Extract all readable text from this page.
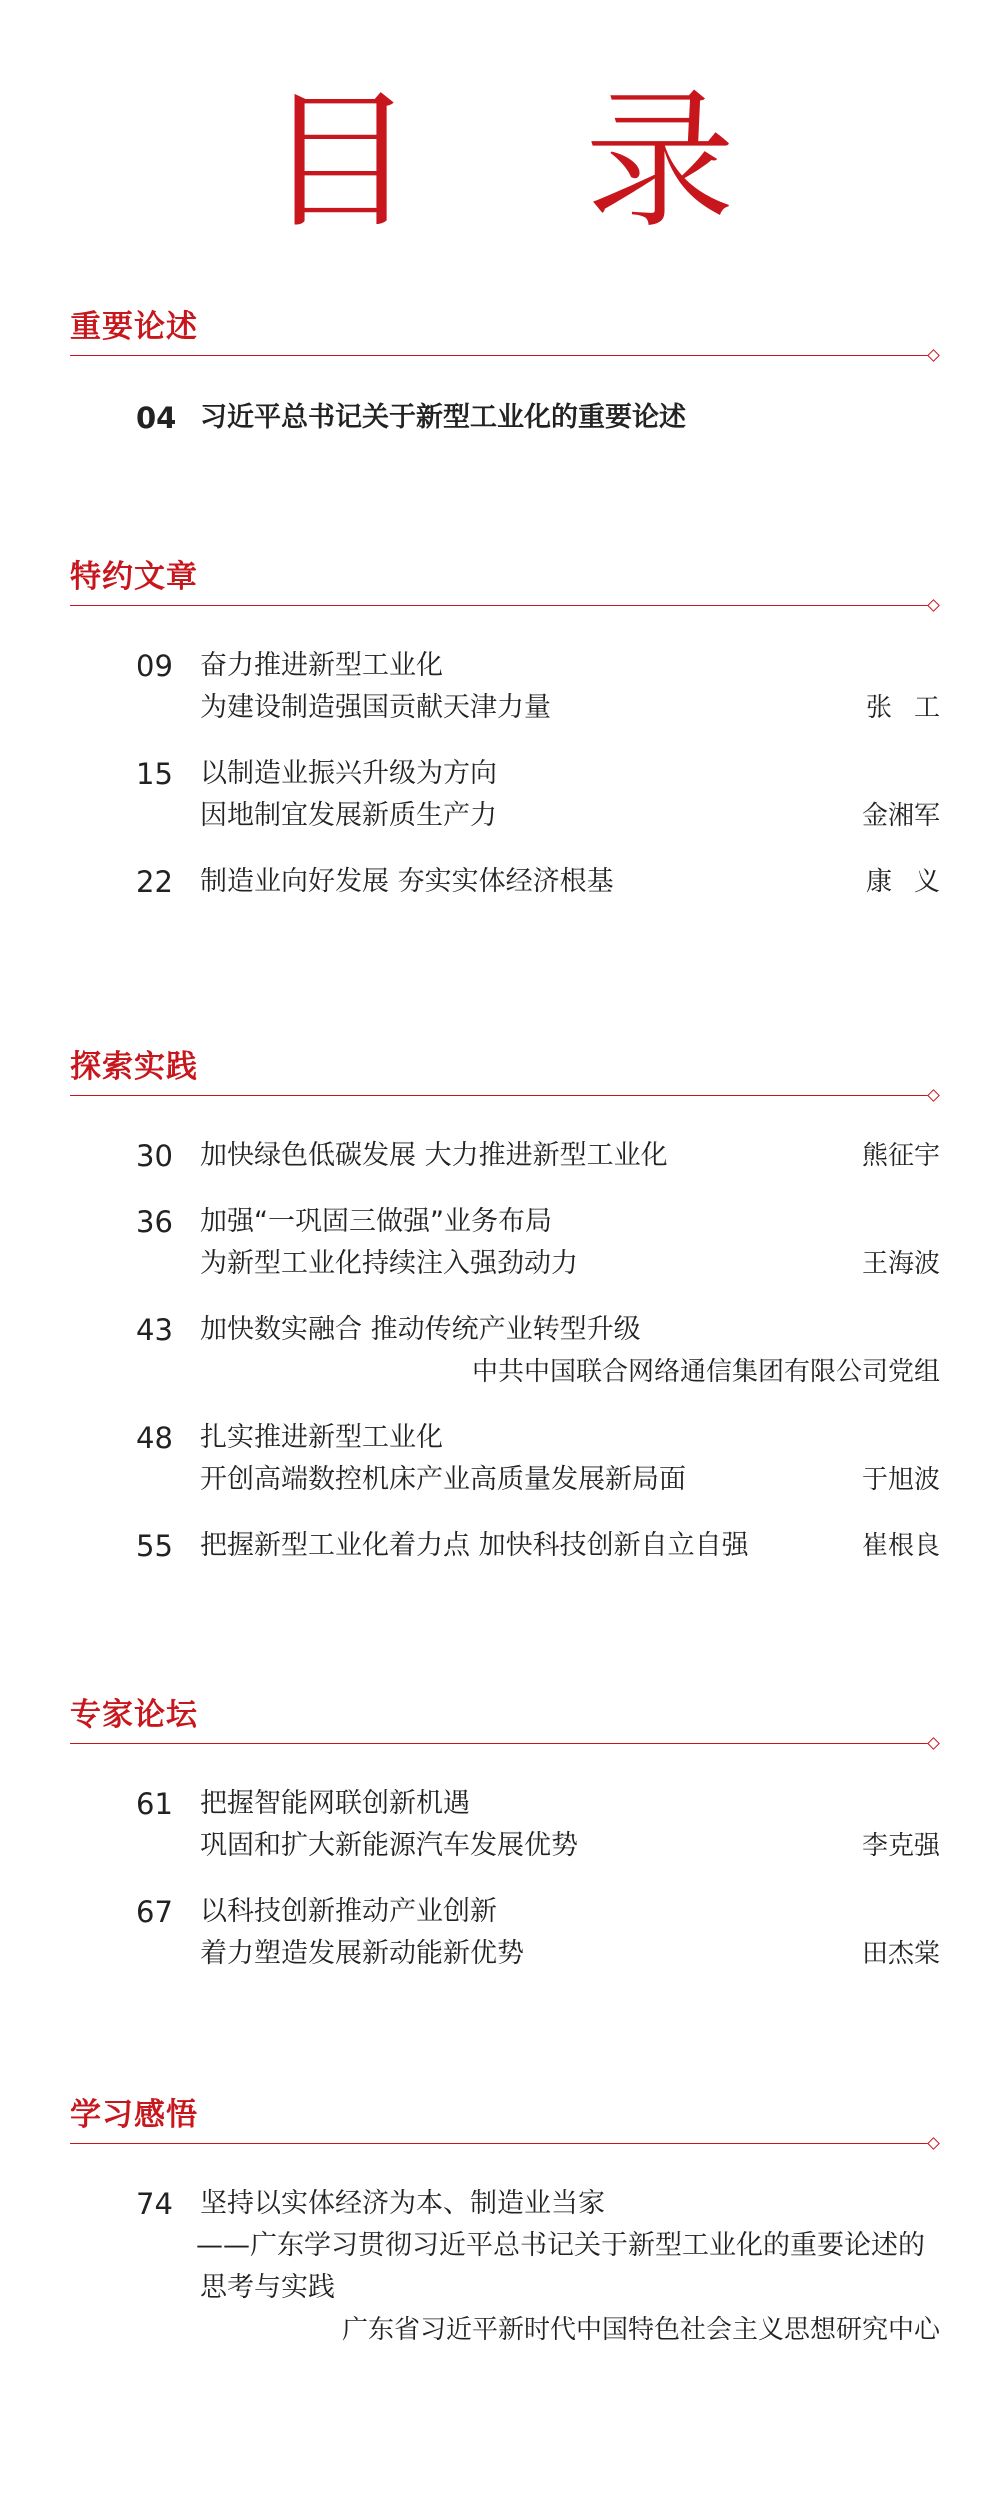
目 录
重要论述
04 习近平总书记关于新型工业化的重要论述
特约文章
09	奋力推进新型工业化
为建设制造强国贡献天津力量	张工
15	以制造业振兴升级为方向
因地制宜发展新质生产力	金湘军
22	制造业向好发展 夯实实体经济根基	康义
探索实践
30	加快绿色低碳发展 大力推进新型工业化	熊征宇
36	加强“一巩固三做强”业务布局
为新型工业化持续注入强劲动力	王海波
43	加快数实融合 推动传统产业转型升级
中共中国联合网络通信集团有限公司党组
48	扎实推进新型工业化
开创高端数控机床产业高质量发展新局面	于旭波
55	把握新型工业化着力点 加快科技创新自立自强	崔根良
专家论坛
61	把握智能网联创新机遇
巩固和扩大新能源汽车发展优势	李克强
67	以科技创新推动产业创新
着力塑造发展新动能新优势	田杰棠
学习感悟
74	坚持以实体经济为本、制造业当家
——广东学习贯彻习近平总书记关于新型工业化的重要论述的
思考与实践
广东省习近平新时代中国特色社会主义思想研究中心
